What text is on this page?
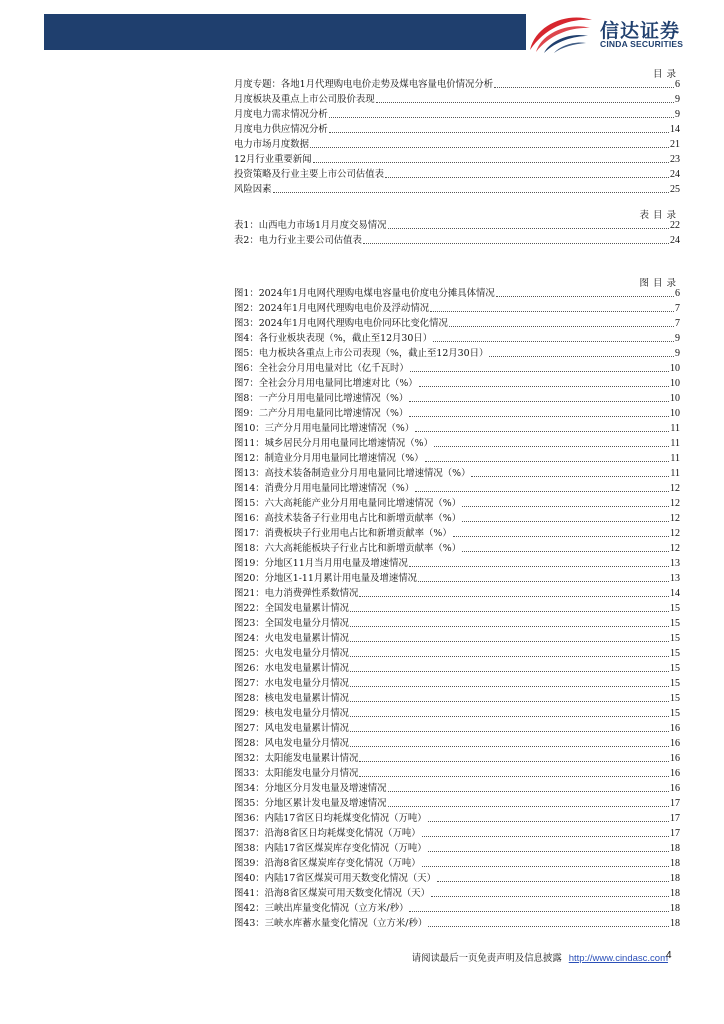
信达证券
CINDA SECURITIES
目录
月度专题：各地1月代理购电电价走势及煤电容量电价情况分析	6
月度板块及重点上市公司股价表现	9
月度电力需求情况分析	9
月度电力供应情况分析	14
电力市场月度数据	21
12月行业重要新闻	23
投资策略及行业主要上市公司估值表	24
风险因素	25
表目录
表1：山西电力市场1月月度交易情况	22
表2：电力行业主要公司估值表	24
图目录
图1：2024年1月电网代理购电煤电容量电价度电分摊具体情况	6
图2：2024年1月电网代理购电电价及浮动情况	7
图3：2024年1月电网代理购电电价同环比变化情况	7
图4：各行业板块表现（%，截止至12月30日）	9
图5：电力板块各重点上市公司表现（%，截止至12月30日）	9
图6：全社会分月用电量对比（亿千瓦时）	10
图7：全社会分月用电量同比增速对比（%）	10
图8：一产分月用电量同比增速情况（%）	10
图9：二产分月用电量同比增速情况（%）	10
图10：三产分月用电量同比增速情况（%）	11
图11：城乡居民分月用电量同比增速情况（%）	11
图12：制造业分月用电量同比增速情况（%）	11
图13：高技术装备制造业分月用电量同比增速情况（%）	11
图14：消费分月用电量同比增速情况（%）	12
图15：六大高耗能产业分月用电量同比增速情况（%）	12
图16：高技术装备子行业用电占比和新增贡献率（%）	12
图17：消费板块子行业用电占比和新增贡献率（%）	12
图18：六大高耗能板块子行业占比和新增贡献率（%）	12
图19：分地区11月当月用电量及增速情况	13
图20：分地区1-11月累计用电量及增速情况	13
图21：电力消费弹性系数情况	14
图22：全国发电量累计情况	15
图23：全国发电量分月情况	15
图24：火电发电量累计情况	15
图25：火电发电量分月情况	15
图26：水电发电量累计情况	15
图27：水电发电量分月情况	15
图28：核电发电量累计情况	15
图29：核电发电量分月情况	15
图27：风电发电量累计情况	16
图28：风电发电量分月情况	16
图32：太阳能发电量累计情况	16
图33：太阳能发电量分月情况	16
图34：分地区分月发电量及增速情况	16
图35：分地区累计发电量及增速情况	17
图36：内陆17省区日均耗煤变化情况（万吨）	17
图37：沿海8省区日均耗煤变化情况（万吨）	17
图38：内陆17省区煤炭库存变化情况（万吨）	18
图39：沿海8省区煤炭库存变化情况（万吨）	18
图40：内陆17省区煤炭可用天数变化情况（天）	18
图41：沿海8省区煤炭可用天数变化情况（天）	18
图42：三峡出库量变化情况（立方米/秒）	18
图43：三峡水库蓄水量变化情况（立方米/秒）	18
请阅读最后一页免责声明及信息披露 http://www.cindasc.com
4
